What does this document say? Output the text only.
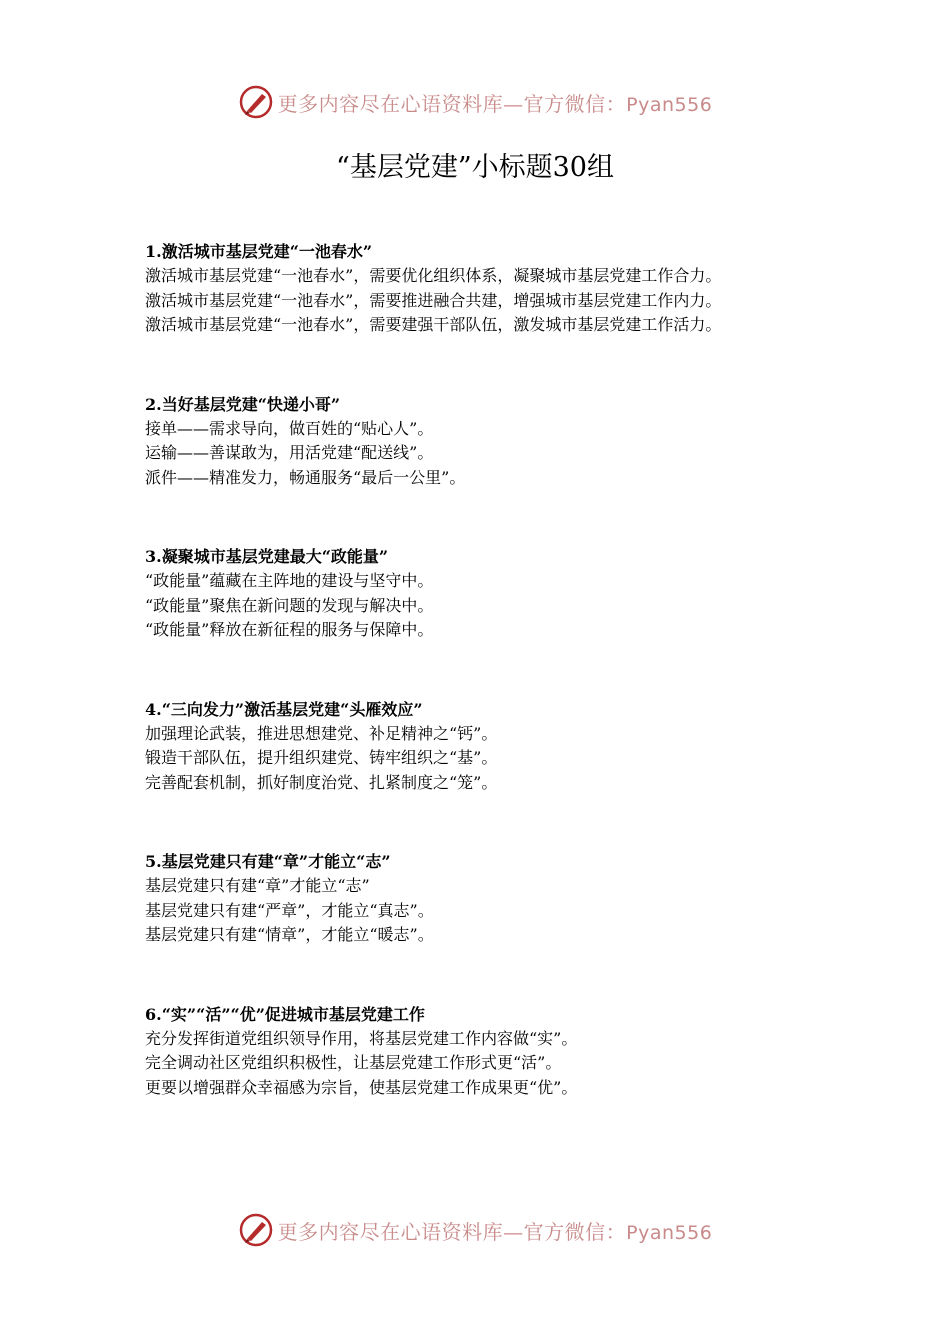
更多内容尽在心语资料库—官方微信：Pyan556
“基层党建”小标题30组
1.激活城市基层党建“一池春水”
激活城市基层党建“一池春水”，需要优化组织体系，凝聚城市基层党建工作合力。
激活城市基层党建“一池春水”，需要推进融合共建，增强城市基层党建工作内力。
激活城市基层党建“一池春水”，需要建强干部队伍，激发城市基层党建工作活力。
2.当好基层党建“快递小哥”
接单——需求导向，做百姓的“贴心人”。
运输——善谋敢为，用活党建“配送线”。
派件——精准发力，畅通服务“最后一公里”。
3.凝聚城市基层党建最大“政能量”
“政能量”蕴藏在主阵地的建设与坚守中。
“政能量”聚焦在新问题的发现与解决中。
“政能量”释放在新征程的服务与保障中。
4.“三向发力”激活基层党建“头雁效应”
加强理论武装，推进思想建党、补足精神之“钙”。
锻造干部队伍，提升组织建党、铸牢组织之“基”。
完善配套机制，抓好制度治党、扎紧制度之“笼”。
5.基层党建只有建“章”才能立“志”
基层党建只有建“章”才能立“志”
基层党建只有建“严章”，才能立“真志”。
基层党建只有建“情章”，才能立“暖志”。
6.“实”“活”“优”促进城市基层党建工作
充分发挥街道党组织领导作用，将基层党建工作内容做“实”。
完全调动社区党组织积极性，让基层党建工作形式更“活”。
更要以增强群众幸福感为宗旨，使基层党建工作成果更“优”。
更多内容尽在心语资料库—官方微信：Pyan556
